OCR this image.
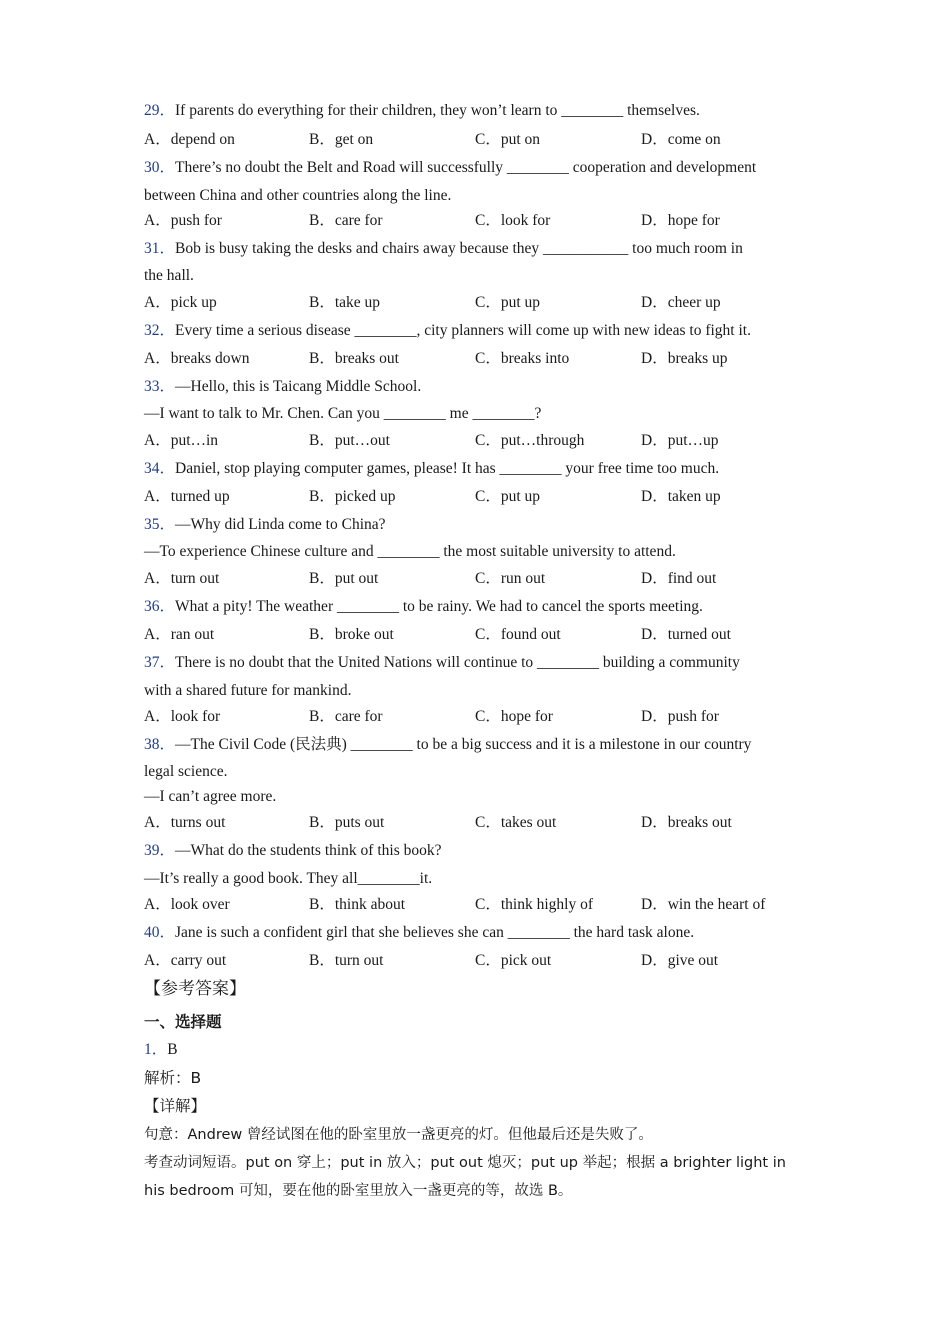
29．If parents do everything for their children, they won’t learn to ________ themselves.
A．depend on	B．get on	C．put on	D．come on
30．There’s no doubt the Belt and Road will successfully ________ cooperation and development
between China and other countries along the line.
A．push for	B．care for	C．look for	D．hope for
31．Bob is busy taking the desks and chairs away because they ___________ too much room in
the hall.
A．pick up	B．take up	C．put up	D．cheer up
32．Every time a serious disease ________, city planners will come up with new ideas to fight it.
A．breaks down	B．breaks out	C．breaks into	D．breaks up
33．—Hello, this is Taicang Middle School.
—I want to talk to Mr. Chen. Can you ________ me ________?
A．put…in	B．put…out	C．put…through	D．put…up
34．Daniel, stop playing computer games, please! It has ________ your free time too much.
A．turned up	B．picked up	C．put up	D．taken up
35．—Why did Linda come to China?
—To experience Chinese culture and ________ the most suitable university to attend.
A．turn out	B．put out	C．run out	D．find out
36．What a pity! The weather ________ to be rainy. We had to cancel the sports meeting.
A．ran out	B．broke out	C．found out	D．turned out
37．There is no doubt that the United Nations will continue to ________ building a community
with a shared future for mankind.
A．look for	B．care for	C．hope for	D．push for
38．—The Civil Code (民法典) ________ to be a big success and it is a milestone in our country
legal science.
—I can’t agree more.
A．turns out	B．puts out	C．takes out	D．breaks out
39．—What do the students think of this book?
—It’s really a good book. They all________it.
A．look over	B．think about	C．think highly of	D．win the heart of
40．Jane is such a confident girl that she believes she can ________ the hard task alone.
A．carry out	B．turn out	C．pick out	D．give out
【参考答案】
一、选择题
1．B
解析：B
【详解】
句意：Andrew 曾经试图在他的卧室里放一盏更亮的灯。但他最后还是失败了。
考查动词短语。put on 穿上；put in 放入；put out 熄灭；put up 举起；根据 a brighter light in
his bedroom 可知，要在他的卧室里放入一盏更亮的等，故选 B。
